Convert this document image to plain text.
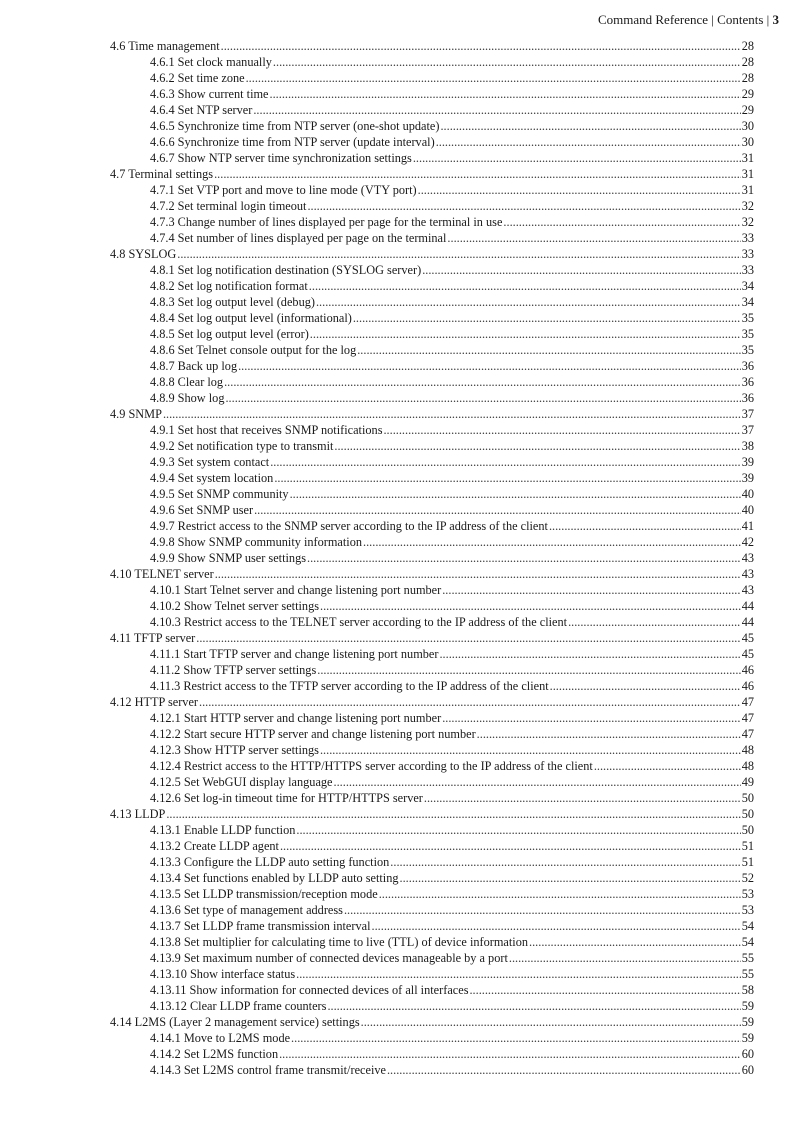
Command Reference | Contents | 3
4.6 Time management .....	28
4.6.1 Set clock manually .....	28
4.6.2 Set time zone .....	28
4.6.3 Show current time .....	29
4.6.4 Set NTP server .....	29
4.6.5 Synchronize time from NTP server (one-shot update) .....	30
4.6.6 Synchronize time from NTP server (update interval) .....	30
4.6.7 Show NTP server time synchronization settings .....	31
4.7 Terminal settings .....	31
4.7.1 Set VTP port and move to line mode (VTY port) .....	31
4.7.2 Set terminal login timeout .....	32
4.7.3 Change number of lines displayed per page for the terminal in use .....	32
4.7.4 Set number of lines displayed per page on the terminal .....	33
4.8 SYSLOG .....	33
4.8.1 Set log notification destination (SYSLOG server) .....	33
4.8.2 Set log notification format .....	34
4.8.3 Set log output level (debug) .....	34
4.8.4 Set log output level (informational) .....	35
4.8.5 Set log output level (error) .....	35
4.8.6 Set Telnet console output for the log .....	35
4.8.7 Back up log .....	36
4.8.8 Clear log .....	36
4.8.9 Show log .....	36
4.9 SNMP .....	37
4.9.1 Set host that receives SNMP notifications .....	37
4.9.2 Set notification type to transmit .....	38
4.9.3 Set system contact .....	39
4.9.4 Set system location .....	39
4.9.5 Set SNMP community .....	40
4.9.6 Set SNMP user .....	40
4.9.7 Restrict access to the SNMP server according to the IP address of the client .....	41
4.9.8 Show SNMP community information .....	42
4.9.9 Show SNMP user settings .....	43
4.10 TELNET server .....	43
4.10.1 Start Telnet server and change listening port number .....	43
4.10.2 Show Telnet server settings .....	44
4.10.3 Restrict access to the TELNET server according to the IP address of the client .....	44
4.11 TFTP server .....	45
4.11.1 Start TFTP server and change listening port number .....	45
4.11.2 Show TFTP server settings .....	46
4.11.3 Restrict access to the TFTP server according to the IP address of the client .....	46
4.12 HTTP server .....	47
4.12.1 Start HTTP server and change listening port number .....	47
4.12.2 Start secure HTTP server and change listening port number .....	47
4.12.3 Show HTTP server settings .....	48
4.12.4 Restrict access to the HTTP/HTTPS server according to the IP address of the client .....	48
4.12.5 Set WebGUI display language .....	49
4.12.6 Set log-in timeout time for HTTP/HTTPS server .....	50
4.13 LLDP .....	50
4.13.1 Enable LLDP function .....	50
4.13.2 Create LLDP agent .....	51
4.13.3 Configure the LLDP auto setting function .....	51
4.13.4 Set functions enabled by LLDP auto setting .....	52
4.13.5 Set LLDP transmission/reception mode .....	53
4.13.6 Set type of management address .....	53
4.13.7 Set LLDP frame transmission interval .....	54
4.13.8 Set multiplier for calculating time to live (TTL) of device information .....	54
4.13.9 Set maximum number of connected devices manageable by a port .....	55
4.13.10 Show interface status .....	55
4.13.11 Show information for connected devices of all interfaces .....	58
4.13.12 Clear LLDP frame counters .....	59
4.14 L2MS (Layer 2 management service) settings .....	59
4.14.1 Move to L2MS mode .....	59
4.14.2 Set L2MS function .....	60
4.14.3 Set L2MS control frame transmit/receive .....	60
